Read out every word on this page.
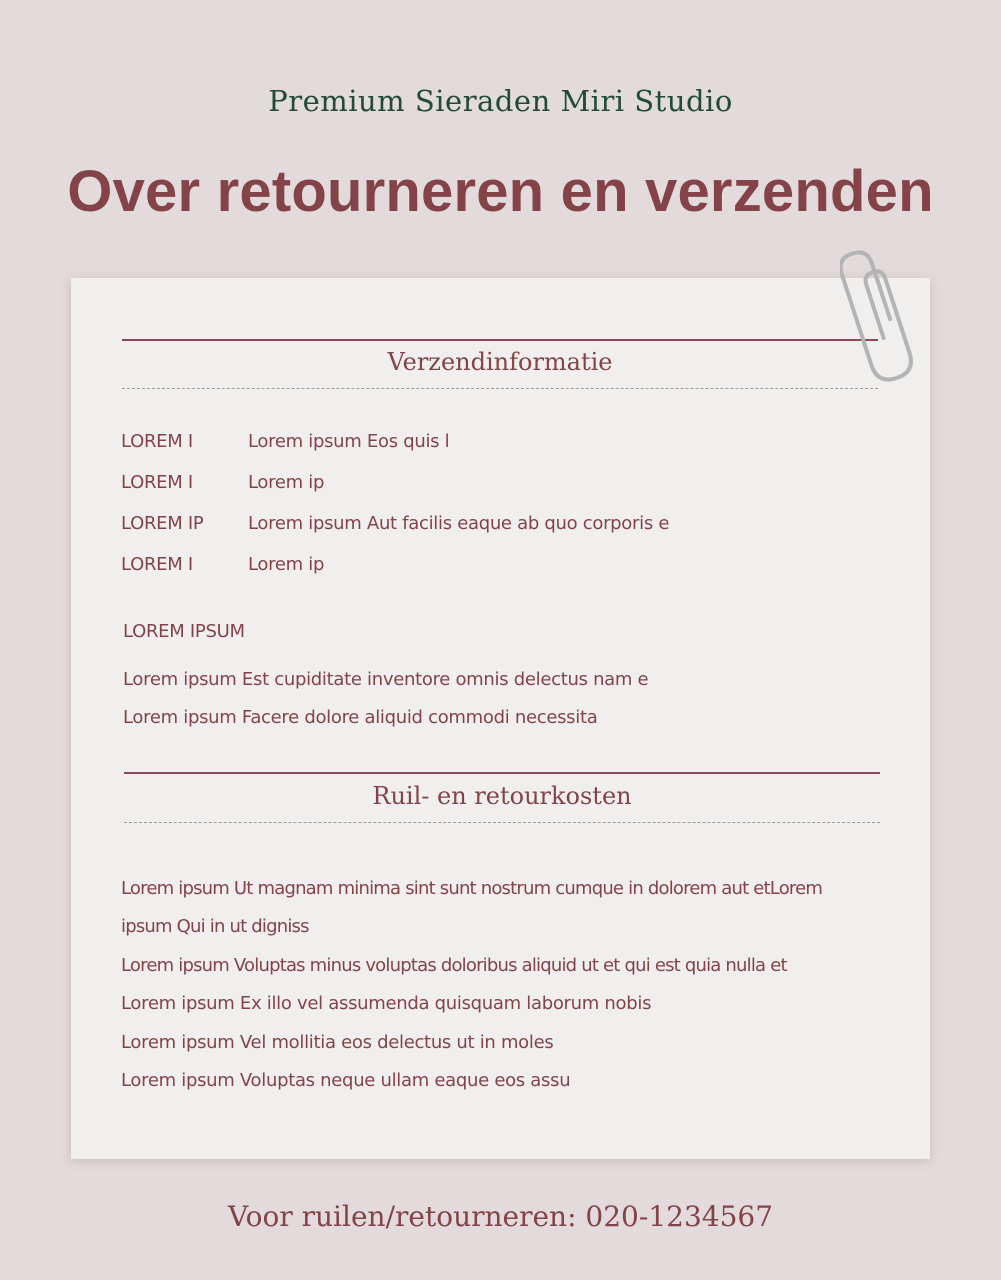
Premium Sieraden Miri Studio
Over retourneren en verzenden
Verzendinformatie
LOREM I	Lorem ipsum Eos quis l
LOREM I	Lorem ip
LOREM IP Lorem ipsum Aut facilis eaque ab quo corporis e
LOREM I	Lorem ip
LOREM IPSUM
Lorem ipsum Est cupiditate inventore omnis delectus nam e
Lorem ipsum Facere dolore aliquid commodi necessita
Ruil- en retourkosten
Lorem ipsum Ut magnam minima sint sunt nostrum cumque in dolorem aut etLorem
ipsum Qui in ut digniss
Lorem ipsum Voluptas minus voluptas doloribus aliquid ut et qui est quia nulla et
Lorem ipsum Ex illo vel assumenda quisquam laborum nobis
Lorem ipsum Vel mollitia eos delectus ut in moles
Lorem ipsum Voluptas neque ullam eaque eos assu
Voor ruilen/retourneren: 020-1234567
